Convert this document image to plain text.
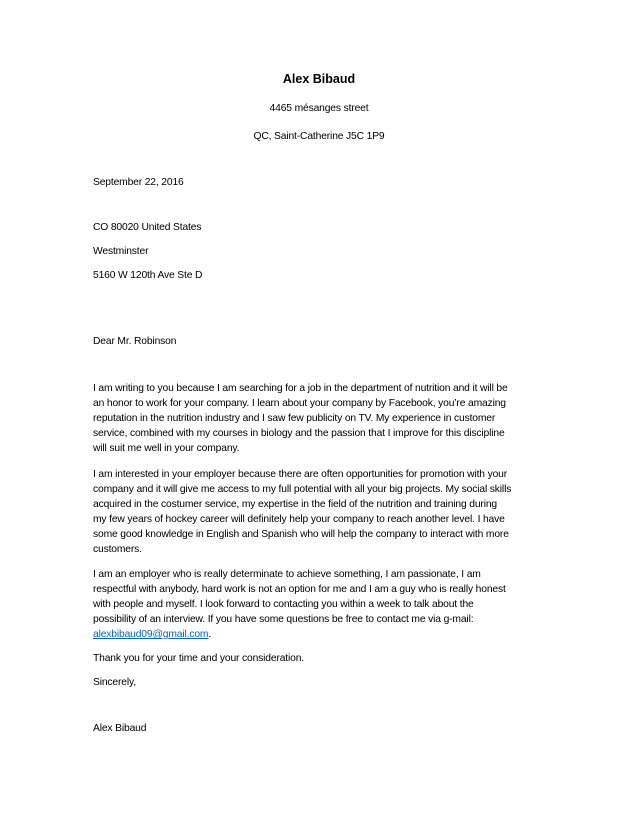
Alex Bibaud
4465 mésanges street
QC, Saint-Catherine J5C 1P9
September 22, 2016
CO 80020 United States
Westminster
5160 W 120th Ave Ste D
Dear Mr. Robinson
I am writing to you because I am searching for a job in the department of nutrition and it will be
an honor to work for your company. I learn about your company by Facebook, you’re amazing
reputation in the nutrition industry and I saw few publicity on TV. My experience in customer
service, combined with my courses in biology and the passion that I improve for this discipline
will suit me well in your company.
I am interested in your employer because there are often opportunities for promotion with your
company and it will give me access to my full potential with all your big projects. My social skills
acquired in the costumer service, my expertise in the field of the nutrition and training during
my few years of hockey career will definitely help your company to reach another level. I have
some good knowledge in English and Spanish who will help the company to interact with more
customers.
I am an employer who is really determinate to achieve something, I am passionate, I am
respectful with anybody, hard work is not an option for me and I am a guy who is really honest
with people and myself. I look forward to contacting you within a week to talk about the
possibility of an interview. If you have some questions be free to contact me via g-mail:
alexbibaud09@gmail.com.
Thank you for your time and your consideration.
Sincerely,
Alex Bibaud
